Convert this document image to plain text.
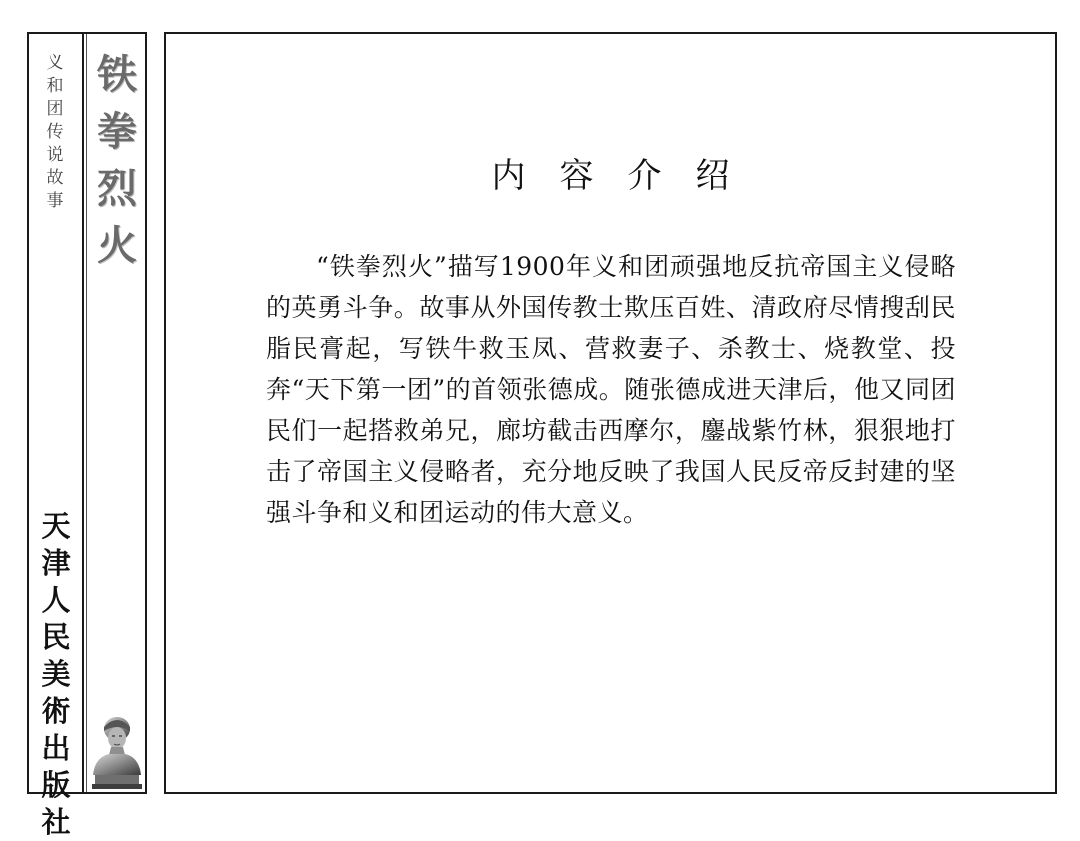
义和团传说故事
铁拳烈火
天津人民美術出版社
内容介绍
“铁拳烈火”描写1900年义和团顽强地反抗帝国主义侵略的英勇斗争。故事从外国传教士欺压百姓、清政府尽情搜刮民脂民膏起，写铁牛救玉凤、营救妻子、杀教士、烧教堂、投奔“天下第一团”的首领张德成。随张德成进天津后，他又同团民们一起搭救弟兄，廊坊截击西摩尔，鏖战紫竹林，狠狠地打击了帝国主义侵略者，充分地反映了我国人民反帝反封建的坚强斗争和义和团运动的伟大意义。
